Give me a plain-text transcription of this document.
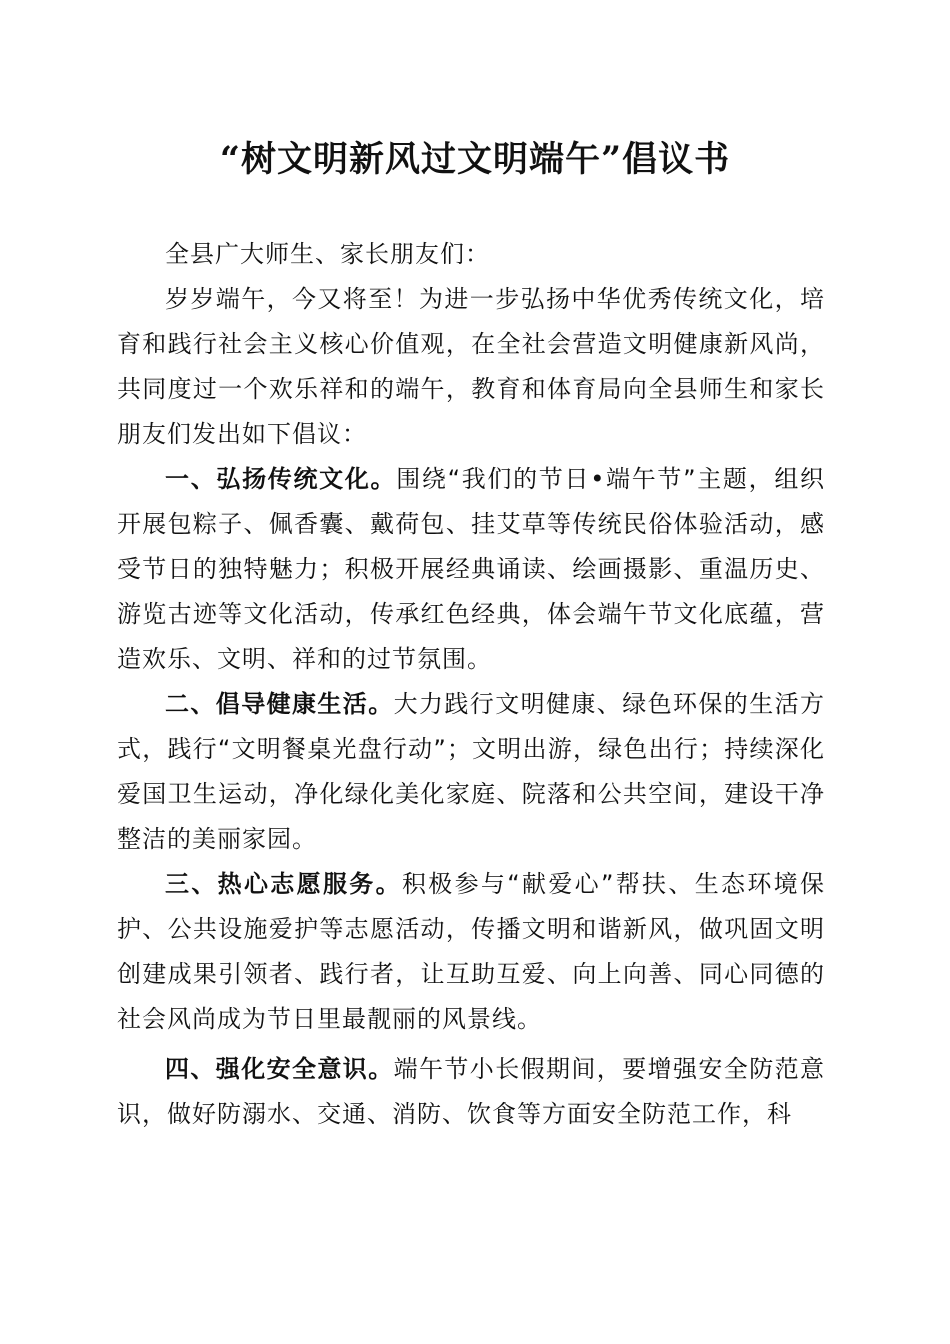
“树文明新风过文明端午”倡议书

全县广大师生、家长朋友们：

岁岁端午，今又将至！为进一步弘扬中华优秀传统文化，培育和践行社会主义核心价值观，在全社会营造文明健康新风尚，共同度过一个欢乐祥和的端午，教育和体育局向全县师生和家长朋友们发出如下倡议：

一、弘扬传统文化。围绕“我们的节日•端午节”主题，组织开展包粽子、佩香囊、戴荷包、挂艾草等传统民俗体验活动，感受节日的独特魅力；积极开展经典诵读、绘画摄影、重温历史、游览古迹等文化活动，传承红色经典，体会端午节文化底蕴，营造欢乐、文明、祥和的过节氛围。

二、倡导健康生活。大力践行文明健康、绿色环保的生活方式，践行“文明餐桌光盘行动”；文明出游，绿色出行；持续深化爱国卫生运动，净化绿化美化家庭、院落和公共空间，建设干净整洁的美丽家园。

三、热心志愿服务。积极参与“献爱心”帮扶、生态环境保护、公共设施爱护等志愿活动，传播文明和谐新风，做巩固文明创建成果引领者、践行者，让互助互爱、向上向善、同心同德的社会风尚成为节日里最靓丽的风景线。

四、强化安全意识。端午节小长假期间，要增强安全防范意识，做好防溺水、交通、消防、饮食等方面安全防范工作，科
